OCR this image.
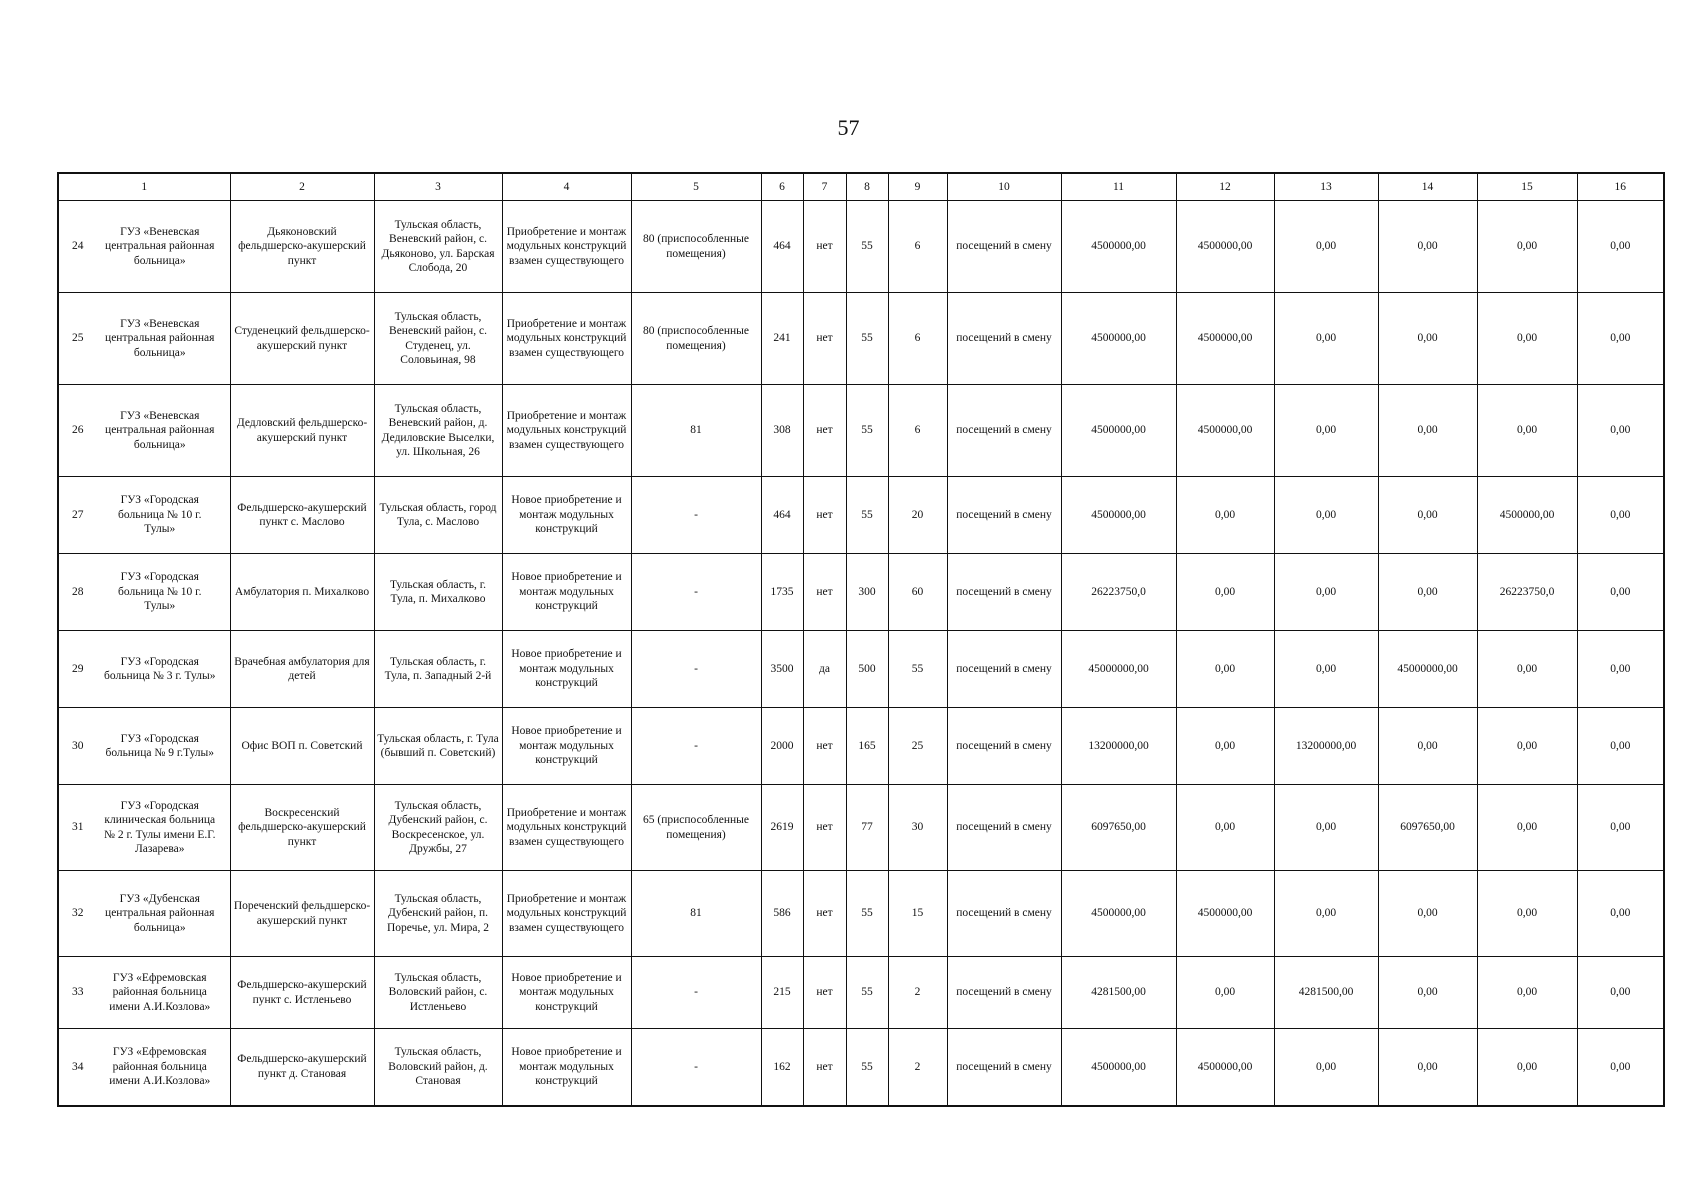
57
1	2	3	4	5	6	7	8	9	10	11	12	13	14	15	16

24
ГУЗ «Веневская центральная районная больница»	Дьяконовский фельдшерско-акушерский пункт	Тульская область, Веневский район, с. Дьяконово, ул. Барская Слобода, 20	Приобретение и монтаж модульных конструкций взамен существующего	80 (приспособленные помещения)	464	нет	55	6	посещений в смену	4500000,00	4500000,00	0,00	0,00	0,00	0,00

25
ГУЗ «Веневская центральная районная больница»	Студенецкий фельдшерско-акушерский пункт	Тульская область, Веневский район, с. Студенец, ул. Соловьиная, 98	Приобретение и монтаж модульных конструкций взамен существующего	80 (приспособленные помещения)	241	нет	55	6	посещений в смену	4500000,00	4500000,00	0,00	0,00	0,00	0,00

26
ГУЗ «Веневская центральная районная больница»	Дедловский фельдшерско-акушерский пункт	Тульская область, Веневский район, д. Дедиловские Выселки, ул. Школьная, 26	Приобретение и монтаж модульных конструкций взамен существующего	81	308	нет	55	6	посещений в смену	4500000,00	4500000,00	0,00	0,00	0,00	0,00

27
ГУЗ «Городская больница № 10 г. Тулы»	Фельдшерско-акушерский пункт с. Маслово	Тульская область, город Тула, с. Маслово	Новое приобретение и монтаж модульных конструкций	-	464	нет	55	20	посещений в смену	4500000,00	0,00	0,00	0,00	4500000,00	0,00

28
ГУЗ «Городская больница № 10 г. Тулы»	Амбулатория п. Михалково	Тульская область, г. Тула, п. Михалково	Новое приобретение и монтаж модульных конструкций	-	1735	нет	300	60	посещений в смену	26223750,0	0,00	0,00	0,00	26223750,0	0,00

29
ГУЗ «Городская больница № 3 г. Тулы»	Врачебная амбулатория для детей	Тульская область, г. Тула, п. Западный 2-й	Новое приобретение и монтаж модульных конструкций	-	3500	да	500	55	посещений в смену	45000000,00	0,00	0,00	45000000,00	0,00	0,00

30
ГУЗ «Городская больница № 9 г.Тулы»	Офис ВОП п. Советский	Тульская область, г. Тула (бывший п. Советский)	Новое приобретение и монтаж модульных конструкций	-	2000	нет	165	25	посещений в смену	13200000,00	0,00	13200000,00	0,00	0,00	0,00

31
ГУЗ «Городская клиническая больница № 2 г. Тулы имени Е.Г. Лазарева»	Воскресенский фельдшерско-акушерский пункт	Тульская область, Дубенский район, с. Воскресенское, ул. Дружбы, 27	Приобретение и монтаж модульных конструкций взамен существующего	65 (приспособленные помещения)	2619	нет	77	30	посещений в смену	6097650,00	0,00	0,00	6097650,00	0,00	0,00

32
ГУЗ «Дубенская центральная районная больница»	Пореченский фельдшерско-акушерский пункт	Тульская область, Дубенский район, п. Поречье, ул. Мира, 2	Приобретение и монтаж модульных конструкций взамен существующего	81	586	нет	55	15	посещений в смену	4500000,00	4500000,00	0,00	0,00	0,00	0,00

33
ГУЗ «Ефремовская районная больница имени А.И.Козлова»	Фельдшерско-акушерский пункт с. Истленьево	Тульская область, Воловский район, с. Истленьево	Новое приобретение и монтаж модульных конструкций	-	215	нет	55	2	посещений в смену	4281500,00	0,00	4281500,00	0,00	0,00	0,00

34
ГУЗ «Ефремовская районная больница имени А.И.Козлова»	Фельдшерско-акушерский пункт д. Становая	Тульская область, Воловский район, д. Становая	Новое приобретение и монтаж модульных конструкций	-	162	нет	55	2	посещений в смену	4500000,00	4500000,00	0,00	0,00	0,00	0,00
